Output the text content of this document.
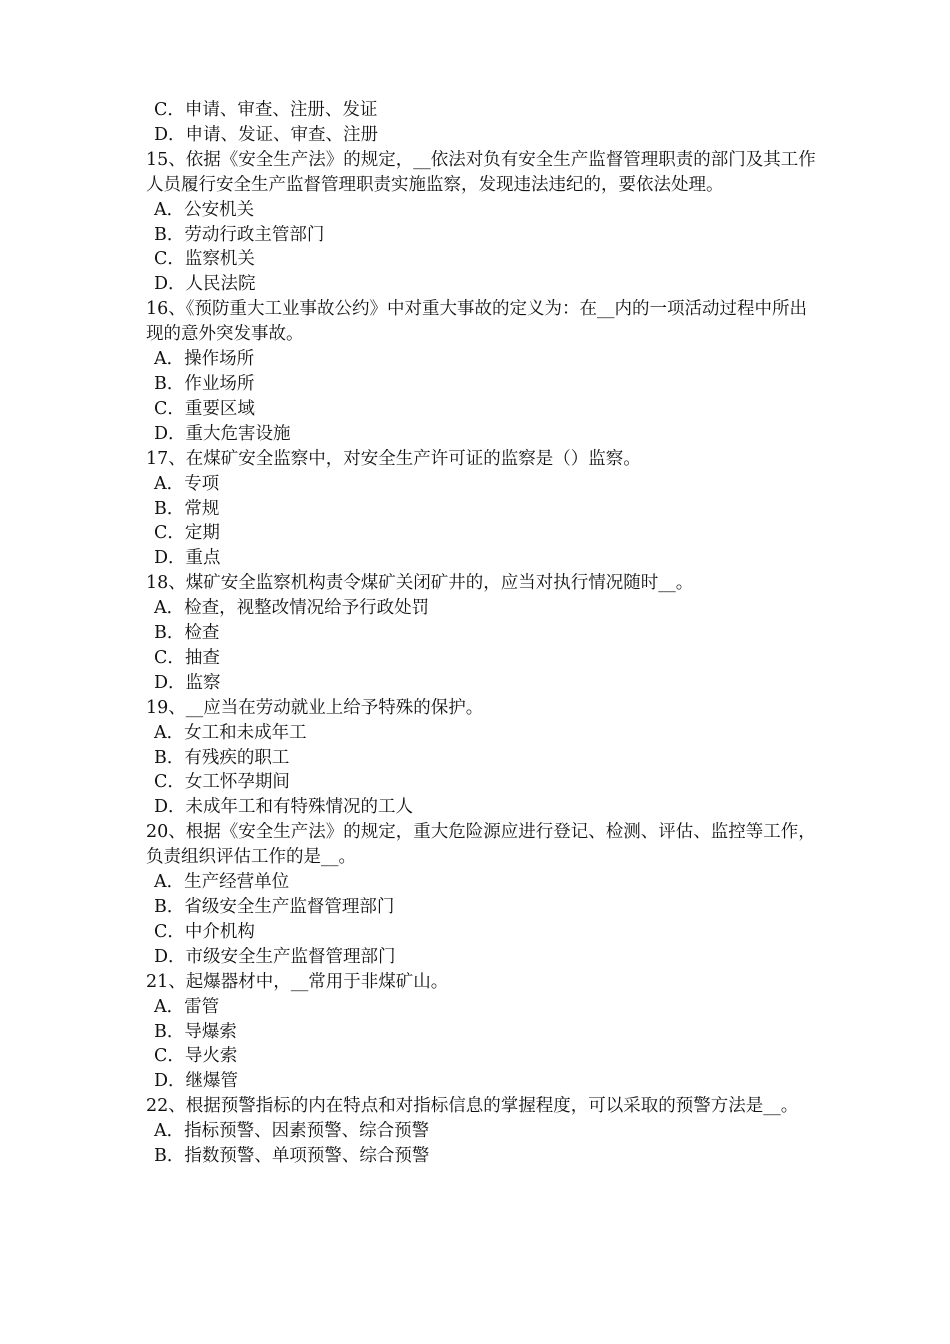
C．申请、审查、注册、发证

D．申请、发证、审查、注册

15、依据《安全生产法》的规定，__依法对负有安全生产监督管理职责的部门及其工作人员履行安全生产监督管理职责实施监察，发现违法违纪的，要依法处理。

A．公安机关

B．劳动行政主管部门

C．监察机关

D．人民法院

16、《预防重大工业事故公约》中对重大事故的定义为：在__内的一项活动过程中所出现的意外突发事故。

A．操作场所

B．作业场所

C．重要区域

D．重大危害设施

17、在煤矿安全监察中，对安全生产许可证的监察是（）监察。

A．专项

B．常规

C．定期

D．重点

18、煤矿安全监察机构责令煤矿关闭矿井的，应当对执行情况随时__。

A．检查，视整改情况给予行政处罚

B．检查

C．抽查

D．监察

19、__应当在劳动就业上给予特殊的保护。

A．女工和未成年工

B．有残疾的职工

C．女工怀孕期间

D．未成年工和有特殊情况的工人

20、根据《安全生产法》的规定，重大危险源应进行登记、检测、评估、监控等工作，负责组织评估工作的是__。

A．生产经营单位

B．省级安全生产监督管理部门

C．中介机构

D．市级安全生产监督管理部门

21、起爆器材中，__常用于非煤矿山。

A．雷管

B．导爆索

C．导火索

D．继爆管

22、根据预警指标的内在特点和对指标信息的掌握程度，可以采取的预警方法是__。

A．指标预警、因素预警、综合预警

B．指数预警、单项预警、综合预警
